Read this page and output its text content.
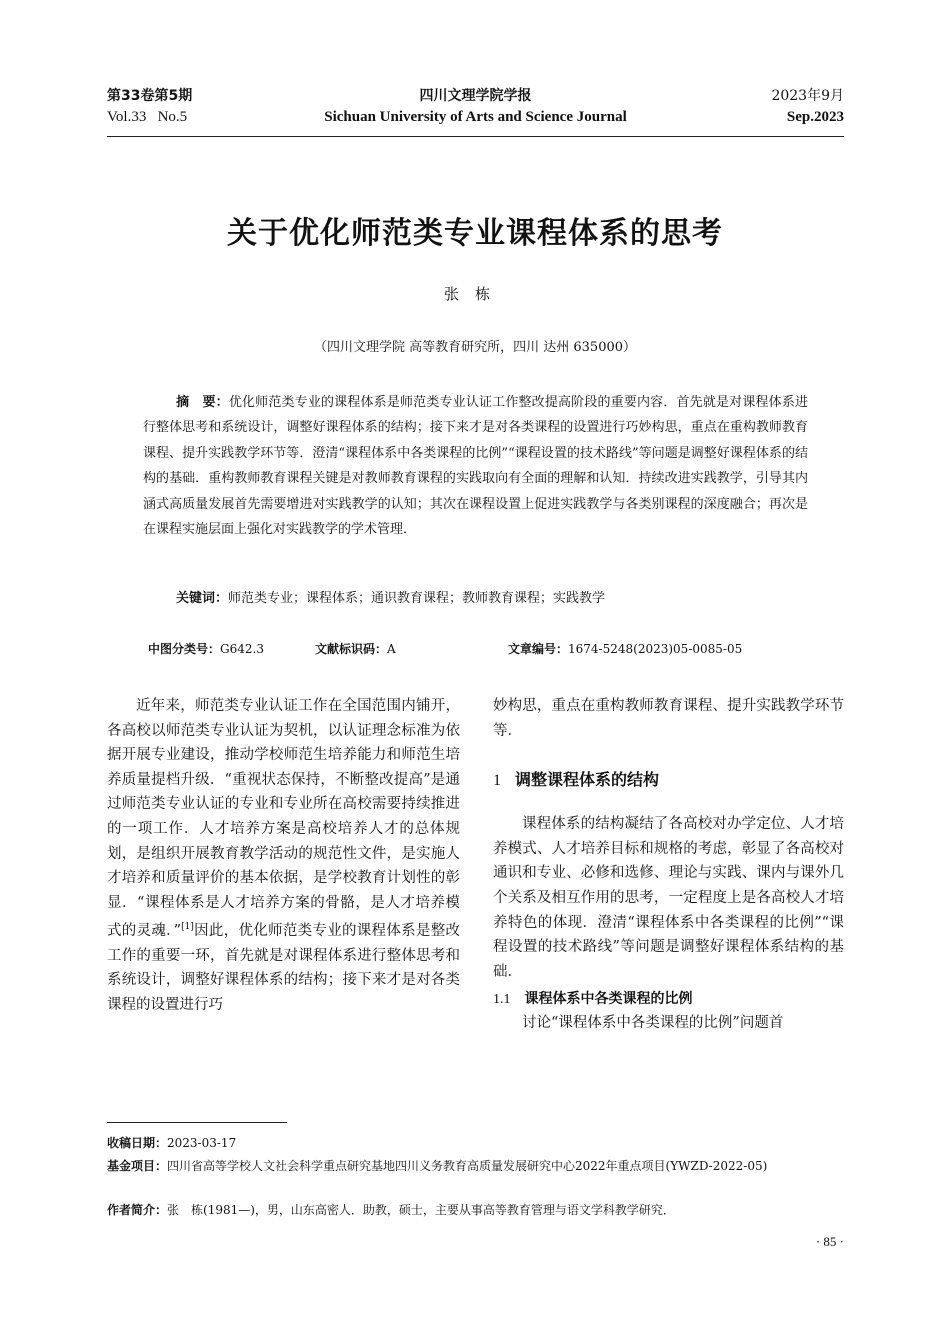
第33卷第5期
Vol.33   No.5
四川文理学院学报
Sichuan University of Arts and Science Journal
2023年9月
Sep.2023
关于优化师范类专业课程体系的思考
张栋
（四川文理学院 高等教育研究所，四川 达州 635000）
摘　要：优化师范类专业的课程体系是师范类专业认证工作整改提高阶段的重要内容．首先就是对课程体系进行整体思考和系统设计，调整好课程体系的结构；接下来才是对各类课程的设置进行巧妙构思，重点在重构教师教育课程、提升实践教学环节等．澄清“课程体系中各类课程的比例”“课程设置的技术路线”等问题是调整好课程体系的结构的基础．重构教师教育课程关键是对教师教育课程的实践取向有全面的理解和认知．持续改进实践教学，引导其内涵式高质量发展首先需要增进对实践教学的认知；其次在课程设置上促进实践教学与各类别课程的深度融合；再次是在课程实施层面上强化对实践教学的学术管理．
关键词：师范类专业；课程体系；通识教育课程；教师教育课程；实践教学
中图分类号：G642.3	文献标识码：A	文章编号：1674-5248(2023)05-0085-05

近年来，师范类专业认证工作在全国范围内铺开，各高校以师范类专业认证为契机，以认证理念标准为依据开展专业建设，推动学校师范生培养能力和师范生培养质量提档升级．“重视状态保持，不断整改提高”是通过师范类专业认证的专业和专业所在高校需要持续推进的一项工作．人才培养方案是高校培养人才的总体规划，是组织开展教育教学活动的规范性文件，是实施人才培养和质量评价的基本依据，是学校教育计划性的彰显．“课程体系是人才培养方案的骨骼，是人才培养模式的灵魂．”[1]因此，优化师范类专业的课程体系是整改工作的重要一环，首先就是对课程体系进行整体思考和系统设计，调整好课程体系的结构；接下来才是对各类课程的设置进行巧

妙构思，重点在重构教师教育课程、提升实践教学环节等．

1 调整课程体系的结构

课程体系的结构凝结了各高校对办学定位、人才培养模式、人才培养目标和规格的考虑，彰显了各高校对通识和专业、必修和选修、理论与实践、课内与课外几个关系及相互作用的思考，一定程度上是各高校人才培养特色的体现．澄清“课程体系中各类课程的比例”“课程设置的技术路线”等问题是调整好课程体系结构的基础．

1.1 课程体系中各类课程的比例

讨论“课程体系中各类课程的比例”问题首

收稿日期：2023-03-17
基金项目：四川省高等学校人文社会科学重点研究基地四川义务教育高质量发展研究中心2022年重点项目(YWZD-2022-05)
作者简介：张　栋(1981—)，男，山东高密人．助教，硕士，主要从事高等教育管理与语文学科教学研究．
· 85 ·
